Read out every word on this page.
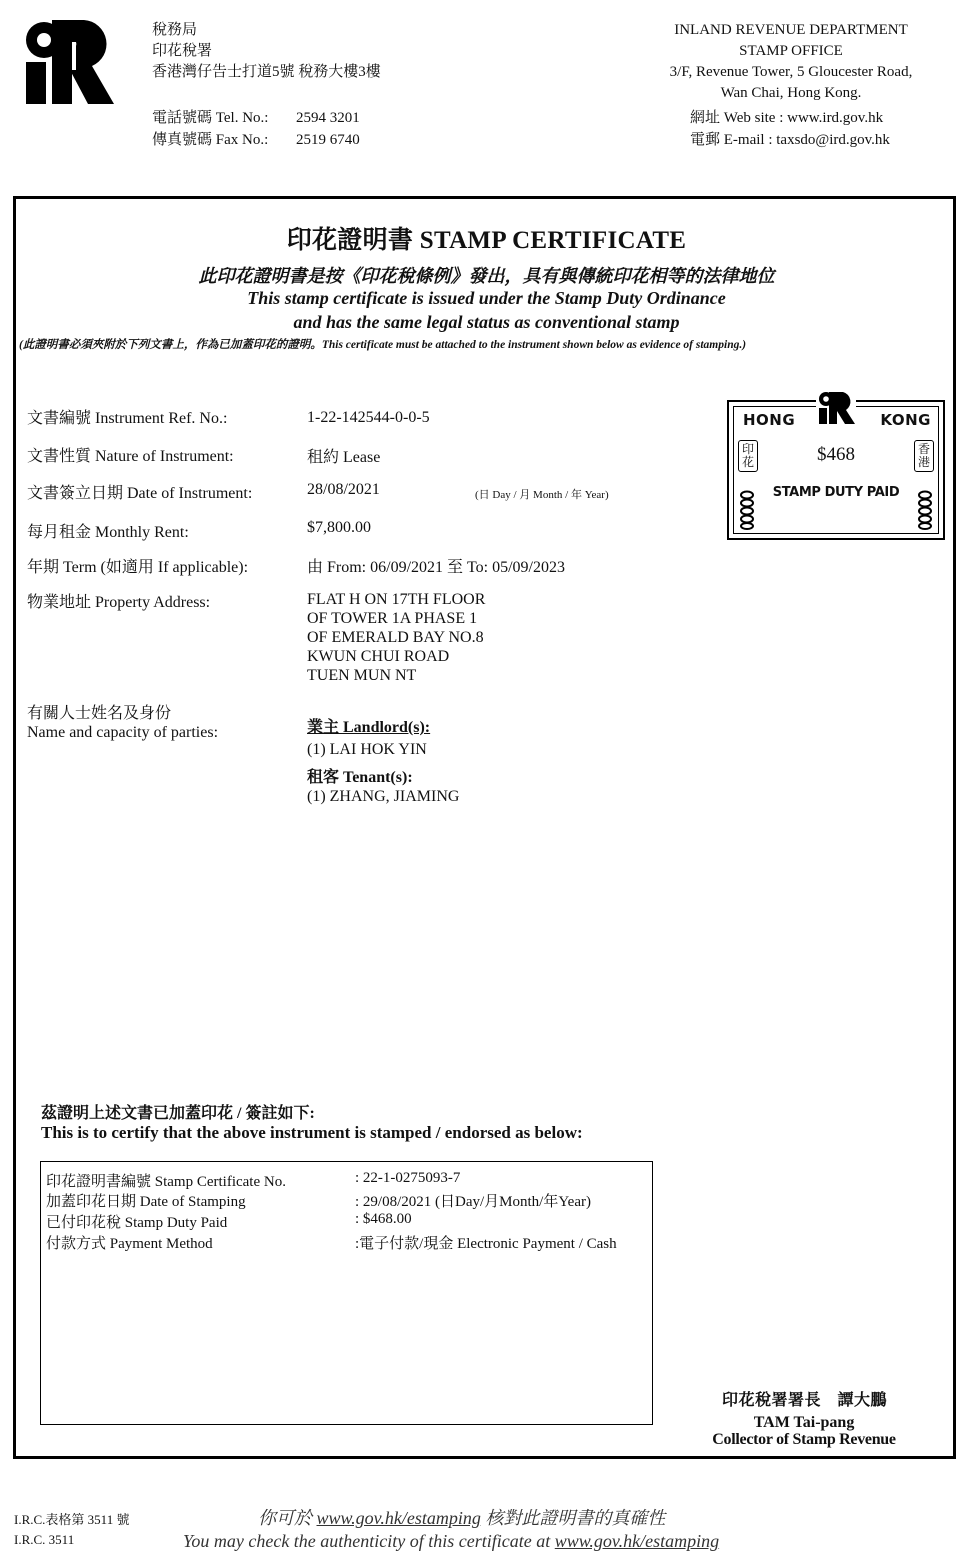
稅務局
印花稅署
香港灣仔告士打道5號 稅務大樓3樓
電話號碼 Tel. No.: 2594 3201
傳真號碼 Fax No.: 2519 6740
INLAND REVENUE DEPARTMENT
STAMP OFFICE
3/F, Revenue Tower, 5 Gloucester Road,
Wan Chai, Hong Kong.
網址 Web site : www.ird.gov.hk
電郵 E-mail : taxsdo@ird.gov.hk
印花證明書 STAMP CERTIFICATE
此印花證明書是按《印花稅條例》發出，具有與傳統印花相等的法律地位
This stamp certificate is issued under the Stamp Duty Ordinance
and has the same legal status as conventional stamp
(此證明書必須夾附於下列文書上，作為已加蓋印花的證明。This certificate must be attached to the instrument shown below as evidence of stamping.)
文書編號 Instrument Ref. No.:	1-22-142544-0-0-5
文書性質 Nature of Instrument:	租約 Lease
文書簽立日期 Date of Instrument:	28/08/2021	(日 Day / 月 Month / 年 Year)
每月租金 Monthly Rent:	$7,800.00
年期 Term (如適用 If applicable):	由 From: 06/09/2021 至 To: 05/09/2023
物業地址 Property Address:	FLAT H ON 17TH FLOOR
OF TOWER 1A PHASE 1
OF EMERALD BAY NO.8
KWUN CHUI ROAD
TUEN MUN NT
有關人士姓名及身份
Name and capacity of parties:	業主 Landlord(s):
(1) LAI HOK YIN
租客 Tenant(s):
(1) ZHANG, JIAMING
HONG	KONG
印花
香港
$468
STAMP DUTY PAID
茲證明上述文書已加蓋印花 / 簽註如下:
This is to certify that the above instrument is stamped / endorsed as below:
印花證明書編號 Stamp Certificate No.	: 22-1-0275093-7
加蓋印花日期 Date of Stamping	: 29/08/2021 (日Day/月Month/年Year)
已付印花稅 Stamp Duty Paid	: $468.00
付款方式 Payment Method	:電子付款/現金 Electronic Payment / Cash
印花稅署署長　譚大鵬
TAM Tai-pang
Collector of Stamp Revenue
I.R.C.表格第 3511 號
I.R.C. 3511
你可於 www.gov.hk/estamping 核對此證明書的真確性
You may check the authenticity of this certificate at www.gov.hk/estamping
